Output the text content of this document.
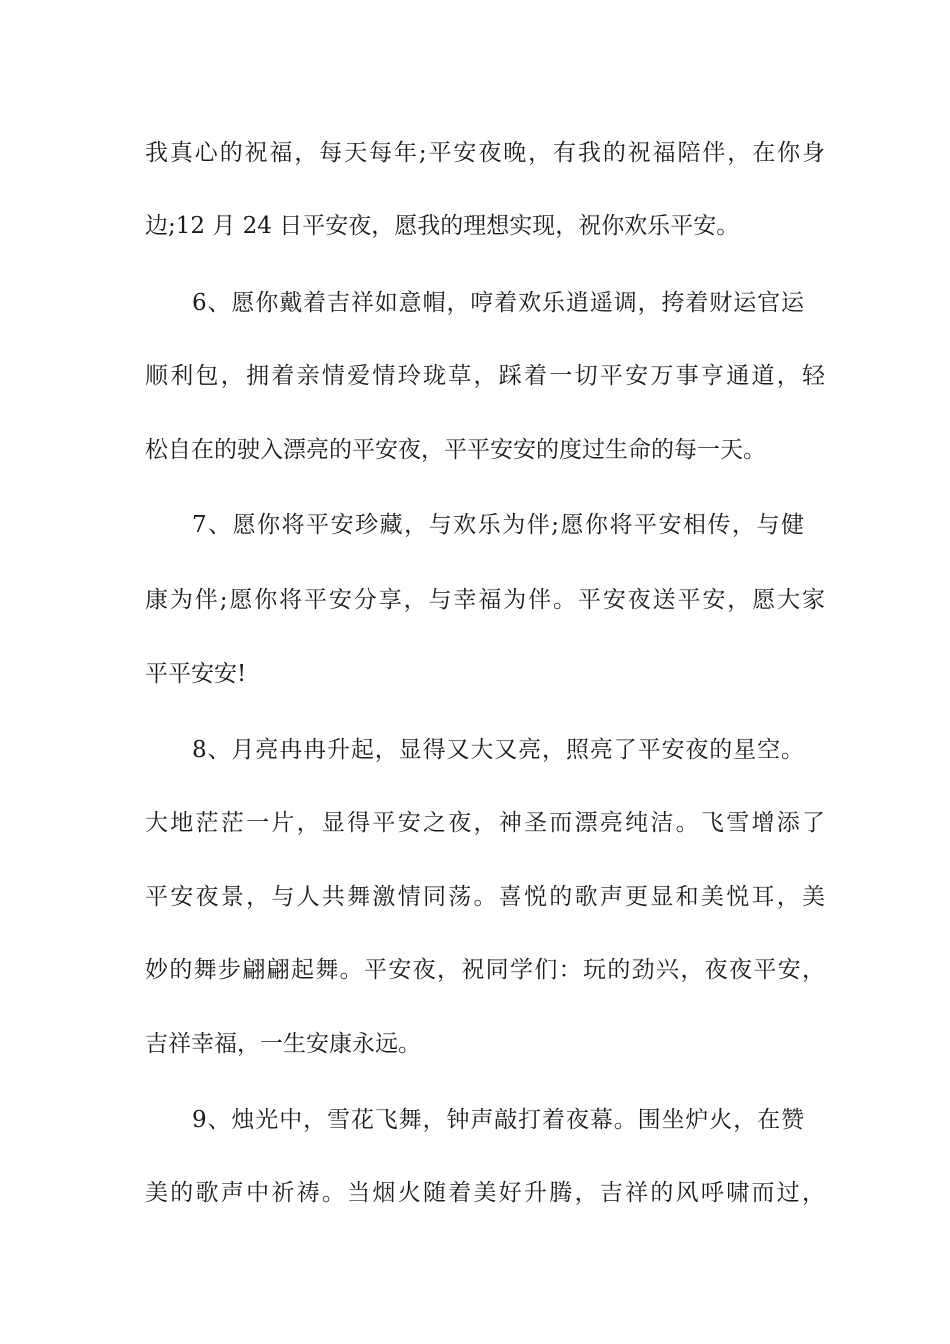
我真心的祝福，每天每年;平安夜晚，有我的祝福陪伴，在你身
边;12 月 24 日平安夜，愿我的理想实现，祝你欢乐平安。
6、愿你戴着吉祥如意帽，哼着欢乐逍遥调，挎着财运官运
顺利包，拥着亲情爱情玲珑草，踩着一切平安万事亨通道，轻
松自在的驶入漂亮的平安夜，平平安安的度过生命的每一天。
7、愿你将平安珍藏，与欢乐为伴;愿你将平安相传，与健
康为伴;愿你将平安分享，与幸福为伴。平安夜送平安，愿大家
平平安安!
8、月亮冉冉升起，显得又大又亮，照亮了平安夜的星空。
大地茫茫一片，显得平安之夜，神圣而漂亮纯洁。飞雪增添了
平安夜景，与人共舞激情同荡。喜悦的歌声更显和美悦耳，美
妙的舞步翩翩起舞。平安夜，祝同学们：玩的劲兴，夜夜平安，
吉祥幸福，一生安康永远。
9、烛光中，雪花飞舞，钟声敲打着夜幕。围坐炉火，在赞
美的歌声中祈祷。当烟火随着美好升腾，吉祥的风呼啸而过，
